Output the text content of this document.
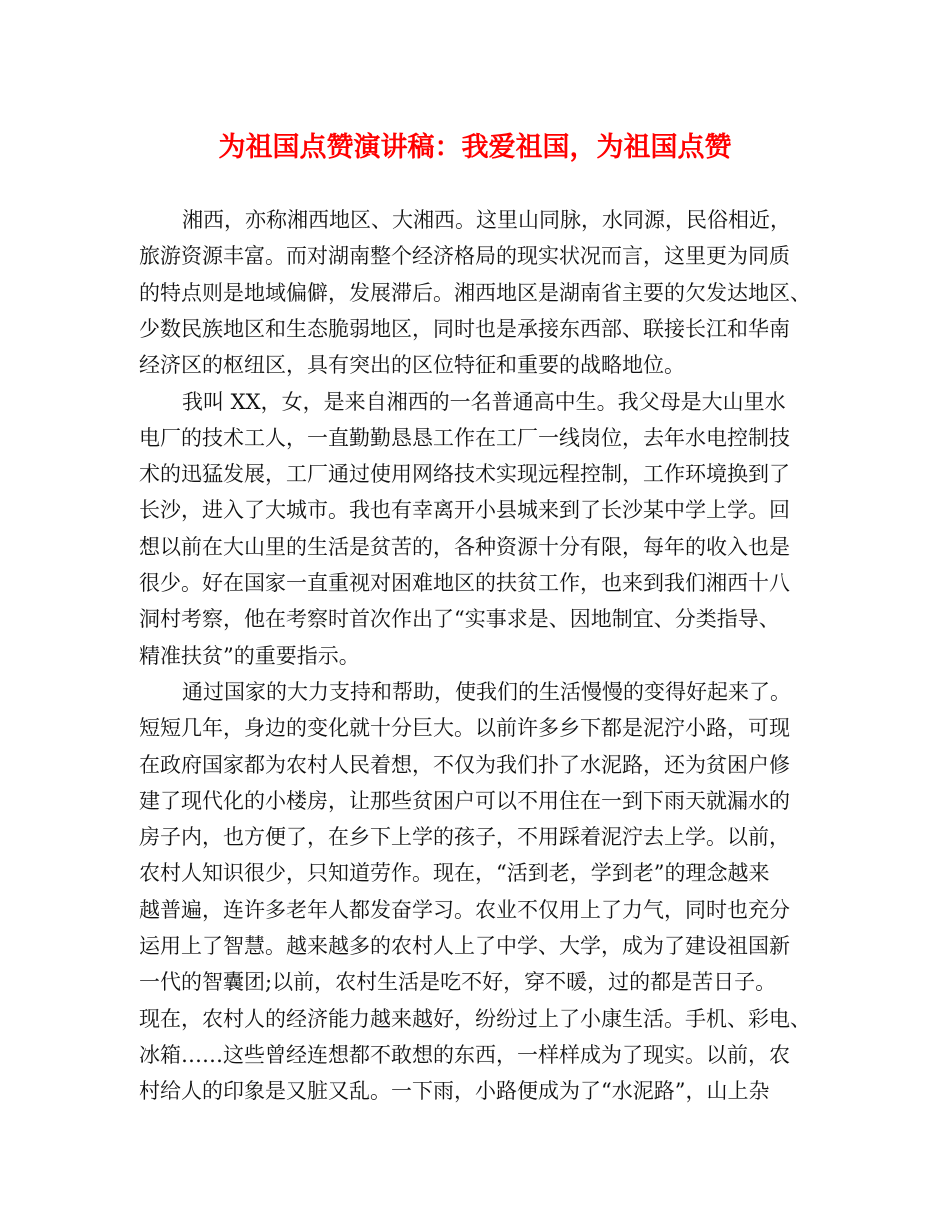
为祖国点赞演讲稿：我爱祖国，为祖国点赞
湘西，亦称湘西地区、大湘西。这里山同脉，水同源，民俗相近，
旅游资源丰富。而对湖南整个经济格局的现实状况而言，这里更为同质
的特点则是地域偏僻，发展滞后。湘西地区是湖南省主要的欠发达地区、
少数民族地区和生态脆弱地区，同时也是承接东西部、联接长江和华南
经济区的枢纽区，具有突出的区位特征和重要的战略地位。
我叫 XX，女，是来自湘西的一名普通高中生。我父母是大山里水
电厂的技术工人，一直勤勤恳恳工作在工厂一线岗位，去年水电控制技
术的迅猛发展，工厂通过使用网络技术实现远程控制，工作环境换到了
长沙，进入了大城市。我也有幸离开小县城来到了长沙某中学上学。回
想以前在大山里的生活是贫苦的，各种资源十分有限，每年的收入也是
很少。好在国家一直重视对困难地区的扶贫工作，也来到我们湘西十八
洞村考察，他在考察时首次作出了“实事求是、因地制宜、分类指导、
精准扶贫”的重要指示。
通过国家的大力支持和帮助，使我们的生活慢慢的变得好起来了。
短短几年，身边的变化就十分巨大。以前许多乡下都是泥泞小路，可现
在政府国家都为农村人民着想，不仅为我们扑了水泥路，还为贫困户修
建了现代化的小楼房，让那些贫困户可以不用住在一到下雨天就漏水的
房子内，也方便了，在乡下上学的孩子，不用踩着泥泞去上学。以前，
农村人知识很少，只知道劳作。现在，“活到老，学到老”的理念越来
越普遍，连许多老年人都发奋学习。农业不仅用上了力气，同时也充分
运用上了智慧。越来越多的农村人上了中学、大学，成为了建设祖国新
一代的智囊团;以前，农村生活是吃不好，穿不暖，过的都是苦日子。
现在，农村人的经济能力越来越好，纷纷过上了小康生活。手机、彩电、
冰箱……这些曾经连想都不敢想的东西，一样样成为了现实。以前，农
村给人的印象是又脏又乱。一下雨，小路便成为了“水泥路”，山上杂
